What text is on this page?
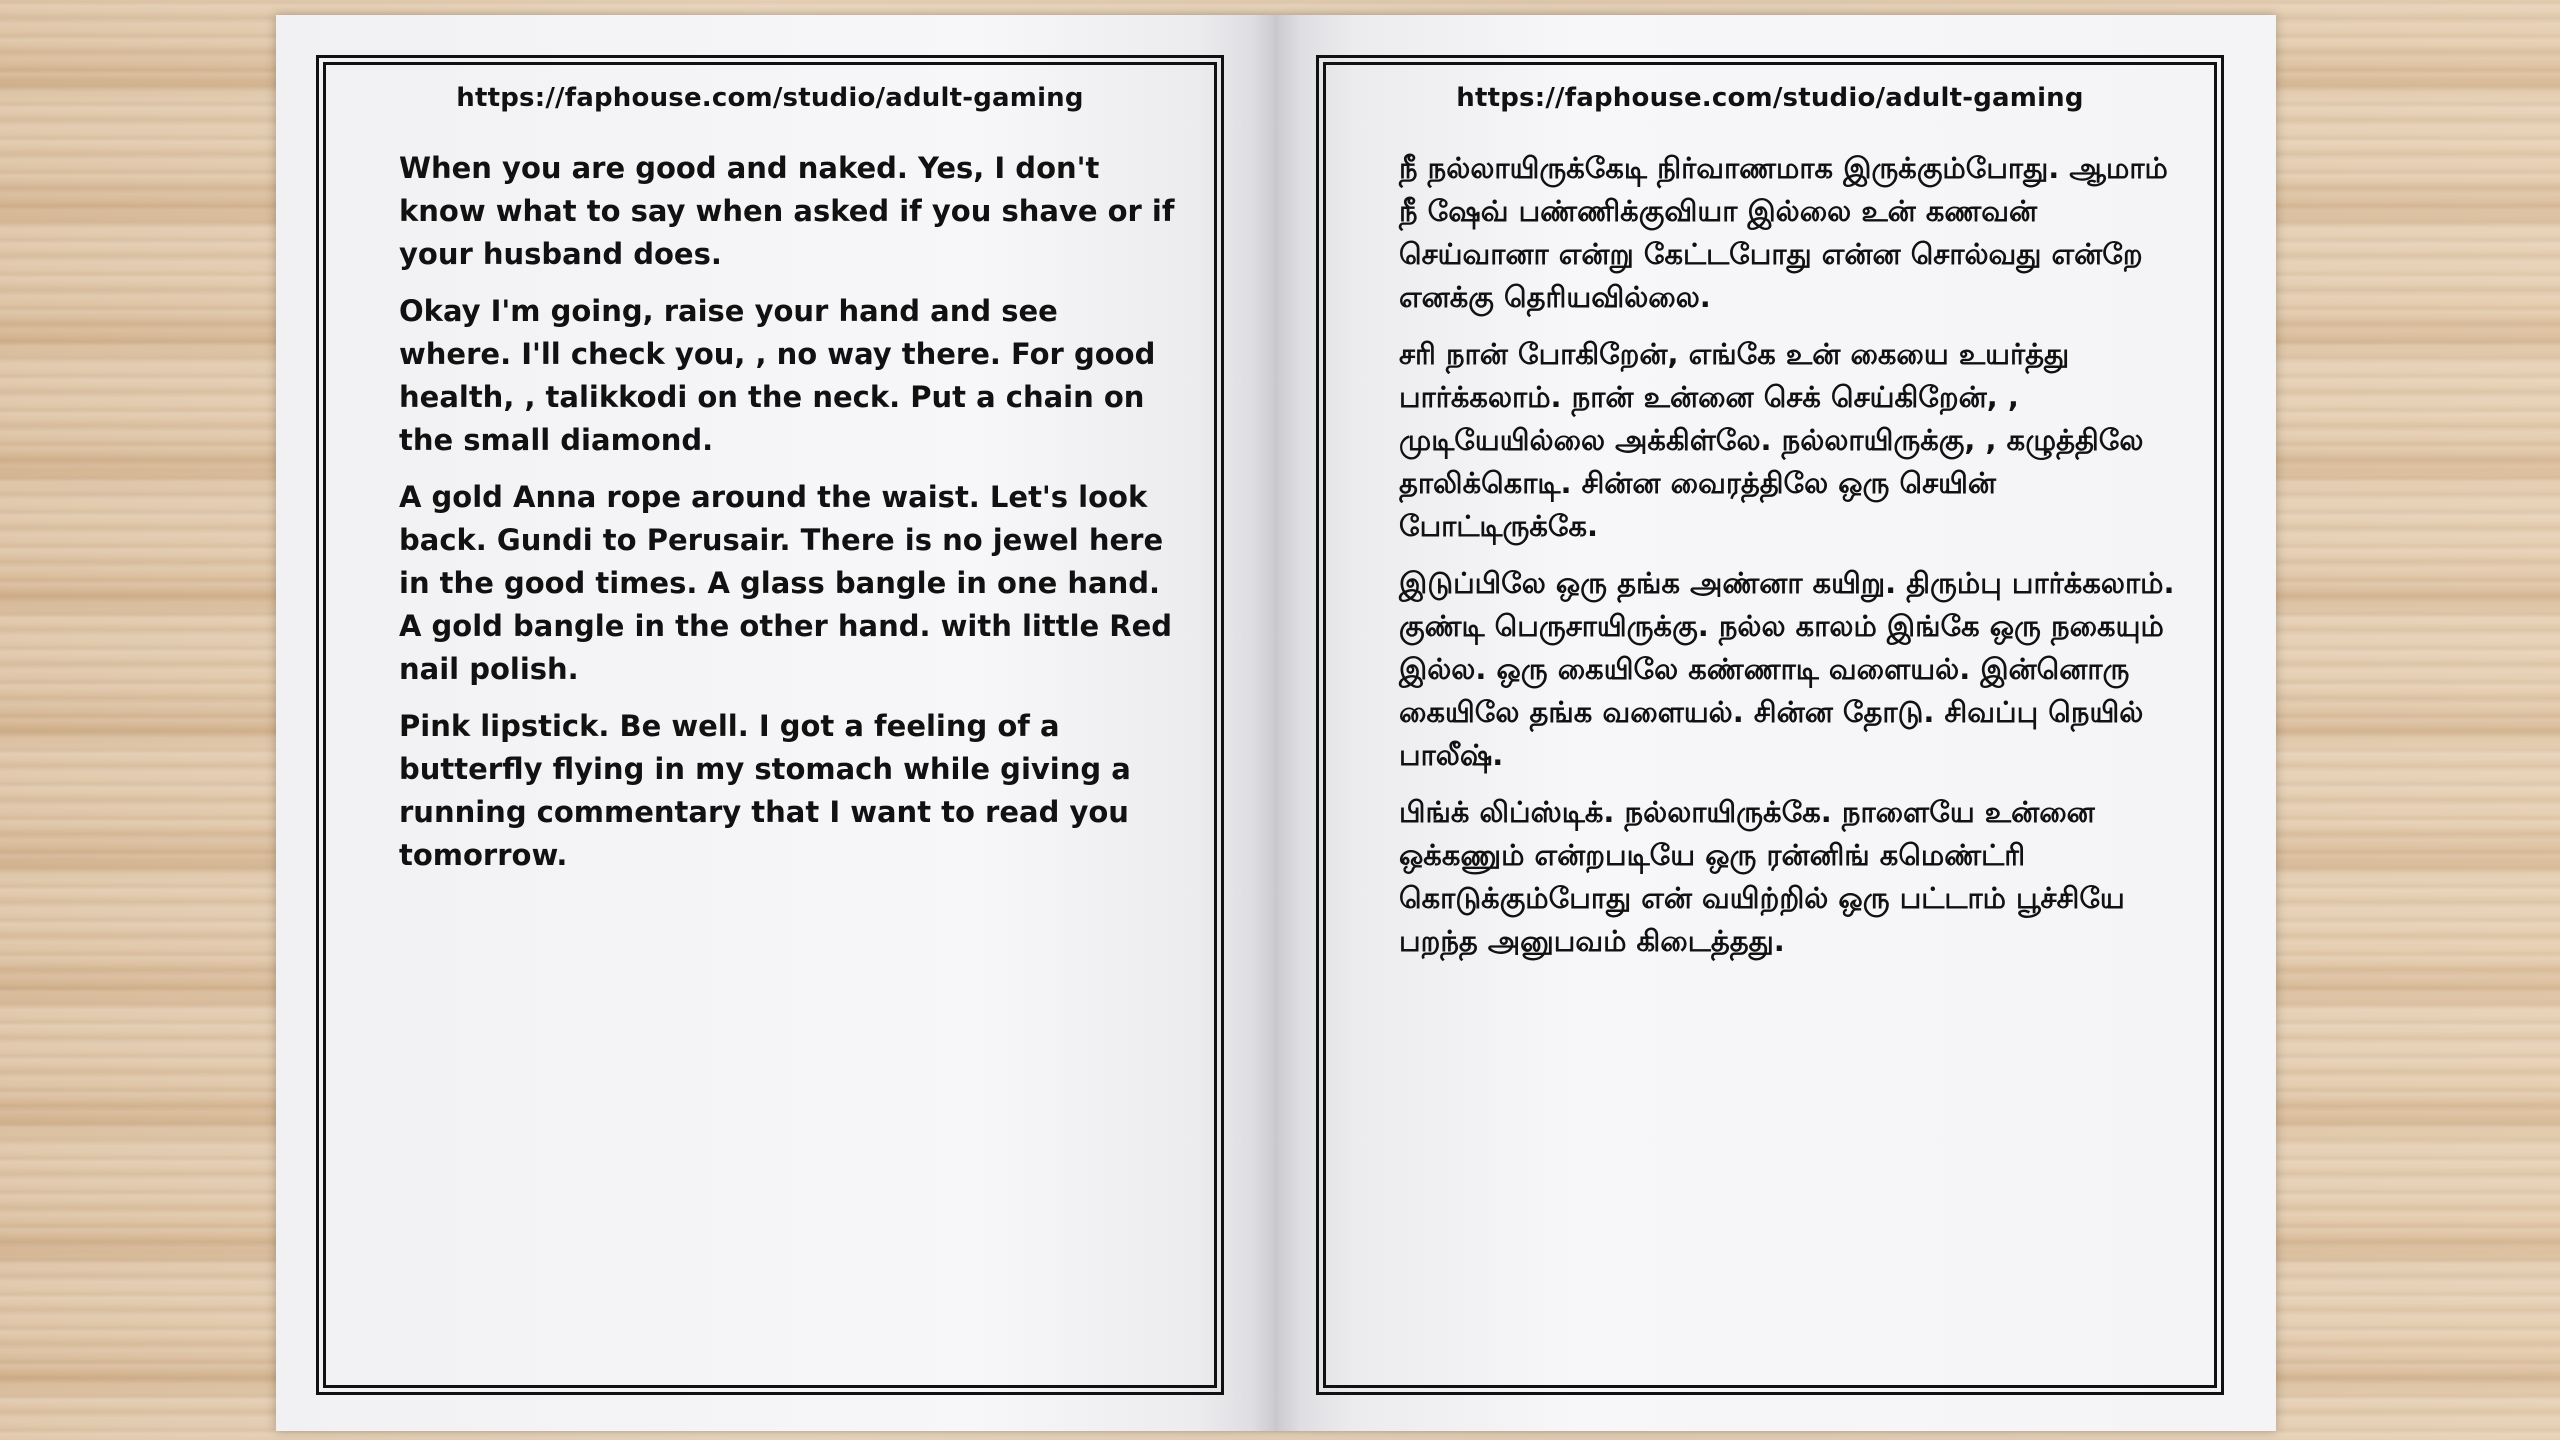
https://faphouse.com/studio/adult-gaming

When you are good and naked. Yes, I don't know what to say when asked if you shave or if your husband does.

Okay I'm going, raise your hand and see where. I'll check you, , no way there. For good health, , talikkodi on the neck. Put a chain on the small diamond.

A gold Anna rope around the waist. Let's look back. Gundi to Perusair. There is no jewel here in the good times. A glass bangle in one hand. A gold bangle in the other hand. with little Red nail polish.

Pink lipstick. Be well. I got a feeling of a butterfly flying in my stomach while giving a running commentary that I want to read you tomorrow.

https://faphouse.com/studio/adult-gaming

நீ நல்லாயிருக்கேடி நிர்வாணமாக இருக்கும்போது. ஆமாம் நீ ஷேவ் பண்ணிக்குவியா இல்லை உன் கணவன் செய்வானா என்று கேட்டபோது என்ன சொல்வது என்றே எனக்கு தெரியவில்லை.

சரி நான் போகிறேன், எங்கே உன் கையை உயர்த்து பார்க்கலாம். நான் உன்னை செக் செய்கிறேன், , முடியேயில்லை அக்கிள்லே. நல்லாயிருக்கு, , கழுத்திலே தாலிக்கொடி. சின்ன வைரத்திலே ஒரு செயின் போட்டிருக்கே.

இடுப்பிலே ஒரு தங்க அண்னா கயிறு. திரும்பு பார்க்கலாம். குண்டி பெருசாயிருக்கு. நல்ல காலம் இங்கே ஒரு நகையும் இல்ல. ஒரு கையிலே கண்ணாடி வளையல். இன்னொரு கையிலே தங்க வளையல். சின்ன தோடு. சிவப்பு நெயில் பாலீஷ்.

பிங்க் லிப்ஸ்டிக். நல்லாயிருக்கே. நாளையே உன்னை ஒக்கணும் என்றபடியே ஒரு ரன்னிங் கமெண்ட்ரி கொடுக்கும்போது என் வயிற்றில் ஒரு பட்டாம் பூச்சியே பறந்த அனுபவம் கிடைத்தது.
